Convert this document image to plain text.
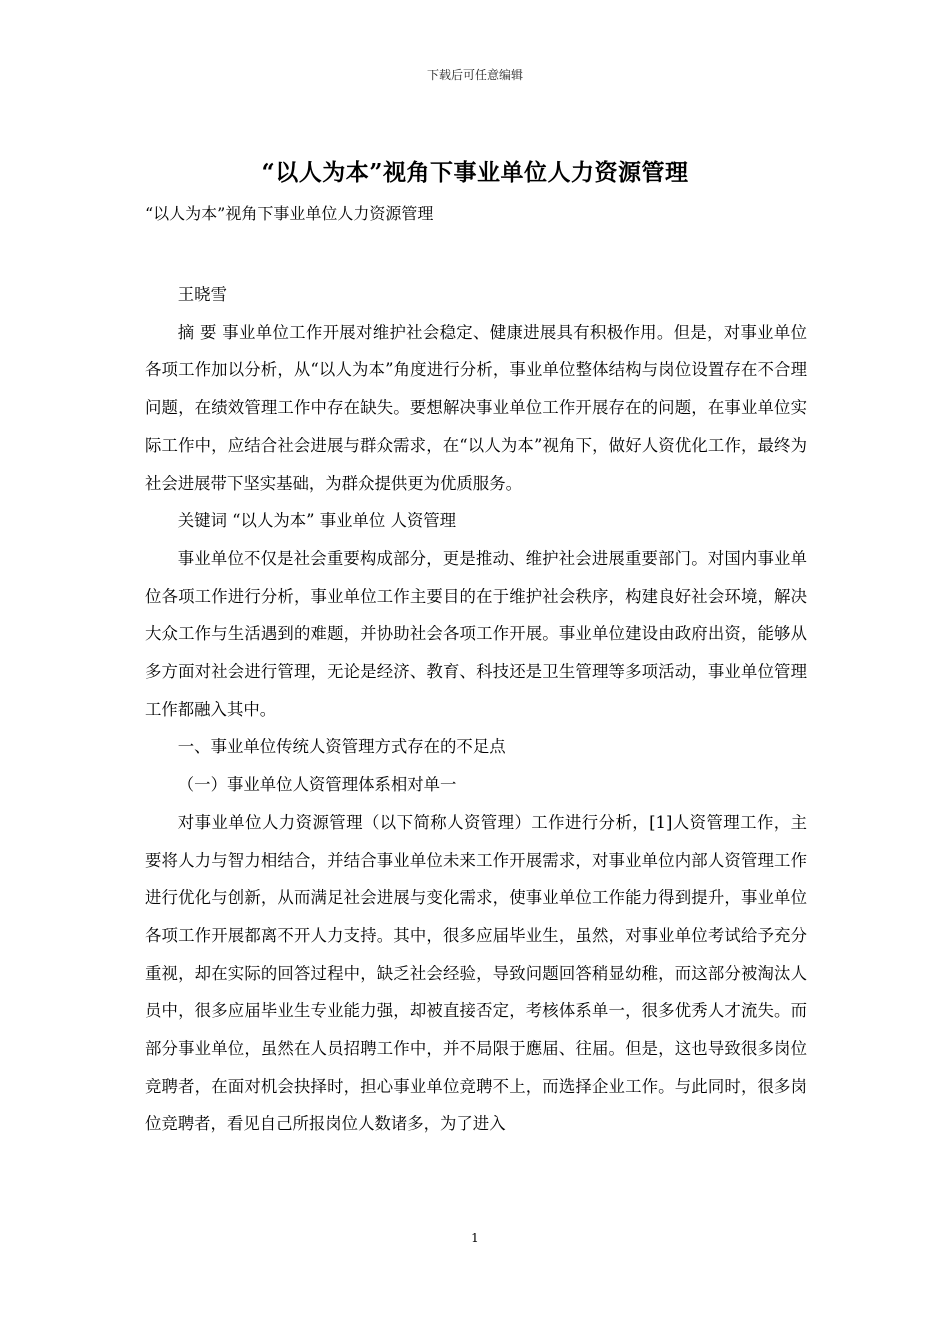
下载后可任意编辑
“以人为本”视角下事业单位人力资源管理
“以人为本”视角下事业单位人力资源管理

王晓雪

摘 要 事业单位工作开展对维护社会稳定、健康进展具有积极作用。但是，对事业单位各项工作加以分析，从“以人为本”角度进行分析，事业单位整体结构与岗位设置存在不合理问题，在绩效管理工作中存在缺失。要想解决事业单位工作开展存在的问题，在事业单位实际工作中，应结合社会进展与群众需求，在“以人为本”视角下，做好人资优化工作，最终为社会进展带下坚实基础，为群众提供更为优质服务。

关键词 “以人为本” 事业单位 人资管理

事业单位不仅是社会重要构成部分，更是推动、维护社会进展重要部门。对国内事业单位各项工作进行分析，事业单位工作主要目的在于维护社会秩序，构建良好社会环境，解决大众工作与生活遇到的难题，并协助社会各项工作开展。事业单位建设由政府出资，能够从多方面对社会进行管理，无论是经济、教育、科技还是卫生管理等多项活动，事业单位管理工作都融入其中。

一、事业单位传统人资管理方式存在的不足点

（一）事业单位人资管理体系相对单一

对事业单位人力资源管理（以下简称人资管理）工作进行分析，[1]人资管理工作，主要将人力与智力相结合，并结合事业单位未来工作开展需求，对事业单位内部人资管理工作进行优化与创新，从而满足社会进展与变化需求，使事业单位工作能力得到提升，事业单位各项工作开展都离不开人力支持。其中，很多应届毕业生，虽然，对事业单位考试给予充分重视，却在实际的回答过程中，缺乏社会经验，导致问题回答稍显幼稚，而这部分被淘汰人员中，很多应届毕业生专业能力强，却被直接否定，考核体系单一，很多优秀人才流失。而部分事业单位，虽然在人员招聘工作中，并不局限于應届、往届。但是，这也导致很多岗位竞聘者，在面对机会抉择时，担心事业单位竞聘不上，而选择企业工作。与此同时，很多岗位竞聘者，看见自己所报岗位人数诸多，为了进入

1
